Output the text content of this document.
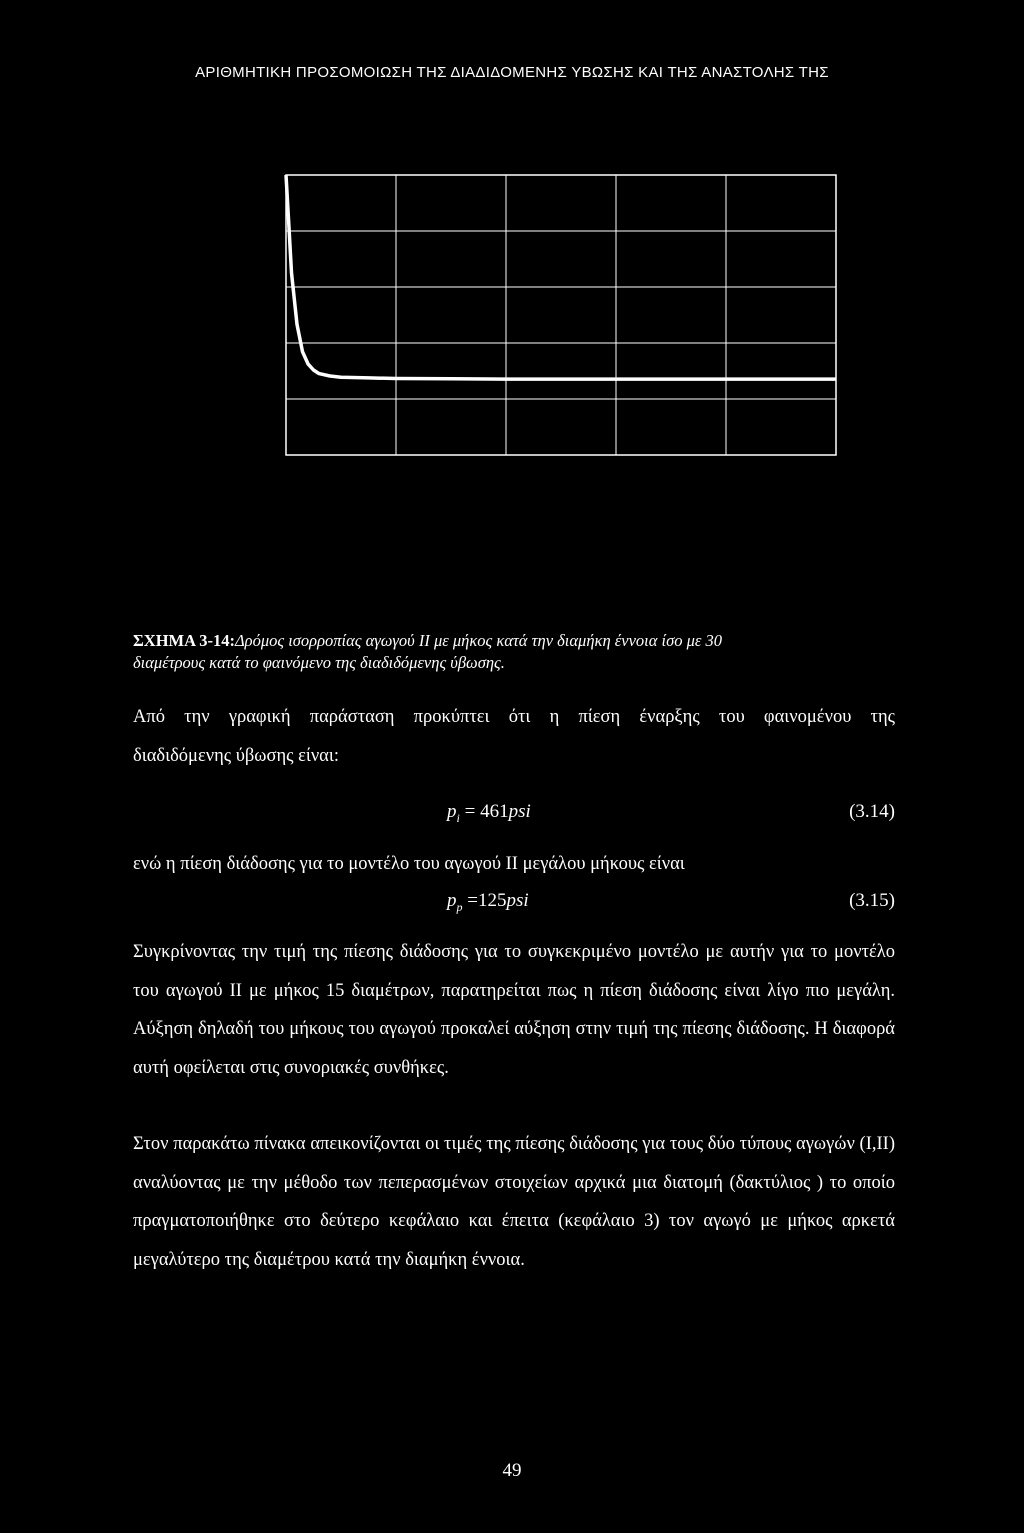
ΑΡΙΘΜΗΤΙΚΗ ΠΡΟΣΟΜΟΙΩΣΗ ΤΗΣ ΔΙΑΔΙΔΟΜΕΝΗΣ ΥΒΩΣΗΣ ΚΑΙ ΤΗΣ ΑΝΑΣΤΟΛΗΣ ΤΗΣ
ΣΧΗΜΑ 3-14:Δρόμος ισορροπίας αγωγού ΙΙ με μήκος κατά την διαμήκη έννοια ίσο με 30
διαμέτρους κατά το φαινόμενο της διαδιδόμενης ύβωσης.
Από την γραφική παράσταση προκύπτει ότι η πίεση έναρξης του φαινομένου της
διαδιδόμενης ύβωσης είναι:
$p_i = 461psi$	(3.14)
ενώ η πίεση διάδοσης για το μοντέλο του αγωγού ΙΙ μεγάλου μήκους είναι
$p_p =125psi$	(3.15)
Συγκρίνοντας την τιμή της πίεσης διάδοσης για το συγκεκριμένο μοντέλο με αυτήν για το μοντέλο του αγωγού ΙΙ με μήκος 15 διαμέτρων, παρατηρείται πως η πίεση διάδοσης είναι λίγο πιο μεγάλη. Αύξηση δηλαδή του μήκους του αγωγού προκαλεί αύξηση στην τιμή της πίεσης διάδοσης. Η διαφορά αυτή οφείλεται στις συνοριακές συνθήκες.
Στον παρακάτω πίνακα απεικονίζονται οι τιμές της πίεσης διάδοσης για τους δύο τύπους αγωγών (Ι,ΙΙ) αναλύοντας με την μέθοδο των πεπερασμένων στοιχείων αρχικά μια διατομή (δακτύλιος ) το οποίο πραγματοποιήθηκε στο δεύτερο κεφάλαιο και έπειτα (κεφάλαιο 3) τον αγωγό με μήκος αρκετά μεγαλύτερο της διαμέτρου κατά την διαμήκη έννοια.
49
